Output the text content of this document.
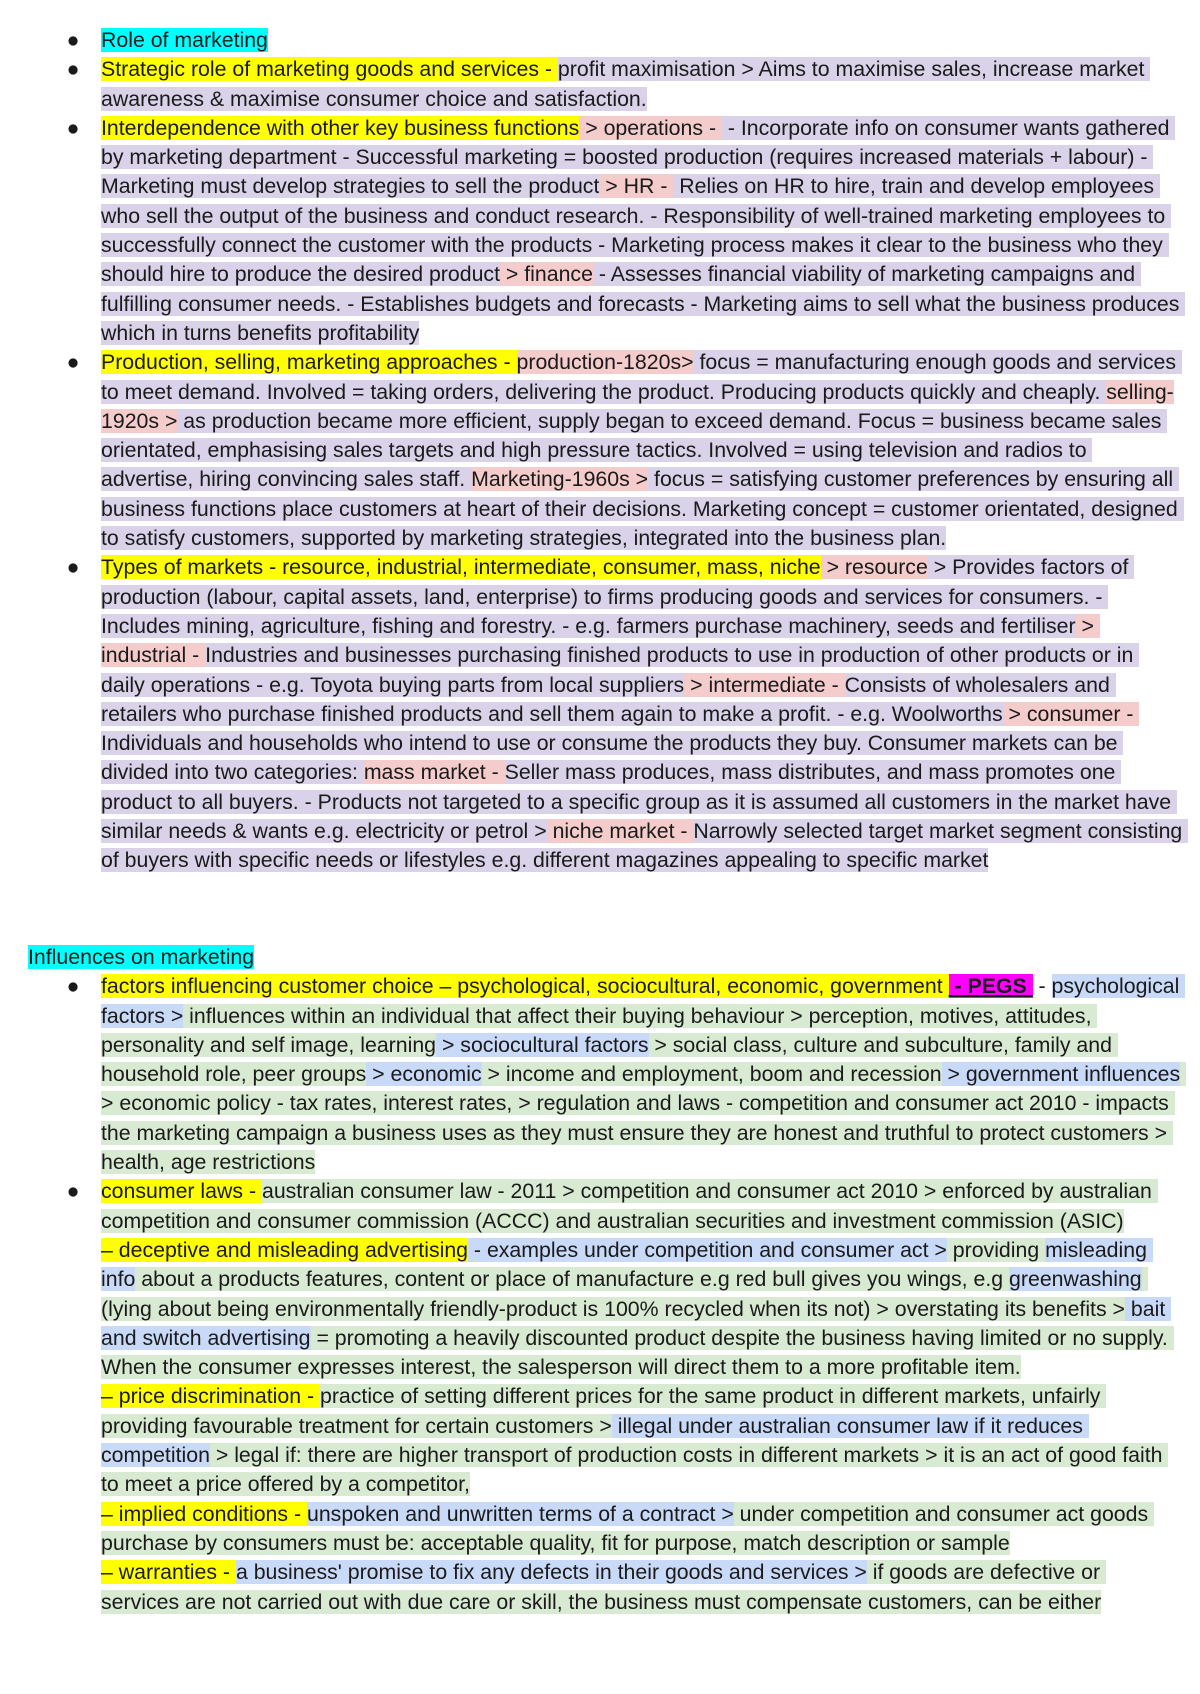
● Role of marketing
● Strategic role of marketing goods and services - profit maximisation > Aims to maximise sales, increase market awareness & maximise consumer choice and satisfaction.
● Interdependence with other key business functions > operations -  - Incorporate info on consumer wants gathered by marketing department - Successful marketing = boosted production (requires increased materials + labour) - Marketing must develop strategies to sell the product > HR -  Relies on HR to hire, train and develop employees who sell the output of the business and conduct research. - Responsibility of well-trained marketing employees to successfully connect the customer with the products - Marketing process makes it clear to the business who they should hire to produce the desired product > finance - Assesses financial viability of marketing campaigns and fulfilling consumer needs. - Establishes budgets and forecasts - Marketing aims to sell what the business produces which in turns benefits profitability
● Production, selling, marketing approaches - production-1820s> focus = manufacturing enough goods and services to meet demand. Involved = taking orders, delivering the product. Producing products quickly and cheaply. selling-1920s > as production became more efficient, supply began to exceed demand. Focus = business became sales orientated, emphasising sales targets and high pressure tactics. Involved = using television and radios to advertise, hiring convincing sales staff. Marketing-1960s > focus = satisfying customer preferences by ensuring all business functions place customers at heart of their decisions. Marketing concept = customer orientated, designed to satisfy customers, supported by marketing strategies, integrated into the business plan.
● Types of markets - resource, industrial, intermediate, consumer, mass, niche > resource > Provides factors of production (labour, capital assets, land, enterprise) to firms producing goods and services for consumers. - Includes mining, agriculture, fishing and forestry. - e.g. farmers purchase machinery, seeds and fertiliser > industrial - Industries and businesses purchasing finished products to use in production of other products or in daily operations - e.g. Toyota buying parts from local suppliers > intermediate - Consists of wholesalers and retailers who purchase finished products and sell them again to make a profit. - e.g. Woolworths > consumer - Individuals and households who intend to use or consume the products they buy. Consumer markets can be divided into two categories: mass market - Seller mass produces, mass distributes, and mass promotes one product to all buyers. - Products not targeted to a specific group as it is assumed all customers in the market have similar needs & wants e.g. electricity or petrol > niche market - Narrowly selected target market segment consisting of buyers with specific needs or lifestyles e.g. different magazines appealing to specific market
Influences on marketing
● factors influencing customer choice – psychological, sociocultural, economic, government  - PEGS  - psychological factors > influences within an individual that affect their buying behaviour > perception, motives, attitudes, personality and self image, learning > sociocultural factors > social class, culture and subculture, family and household role, peer groups > economic > income and employment, boom and recession > government influences > economic policy - tax rates, interest rates, > regulation and laws - competition and consumer act 2010 - impacts the marketing campaign a business uses as they must ensure they are honest and truthful to protect customers > health, age restrictions
● consumer laws - australian consumer law - 2011 > competition and consumer act 2010 > enforced by australian competition and consumer commission (ACCC) and australian securities and investment commission (ASIC)
– deceptive and misleading advertising - examples under competition and consumer act > providing misleading info about a products features, content or place of manufacture e.g red bull gives you wings, e.g greenwashing (lying about being environmentally friendly-product is 100% recycled when its not) > overstating its benefits > bait and switch advertising = promoting a heavily discounted product despite the business having limited or no supply. When the consumer expresses interest, the salesperson will direct them to a more profitable item.
– price discrimination - practice of setting different prices for the same product in different markets, unfairly providing favourable treatment for certain customers > illegal under australian consumer law if it reduces competition > legal if: there are higher transport of production costs in different markets > it is an act of good faith to meet a price offered by a competitor,
– implied conditions - unspoken and unwritten terms of a contract > under competition and consumer act goods purchase by consumers must be: acceptable quality, fit for purpose, match description or sample
– warranties - a business' promise to fix any defects in their goods and services > if goods are defective or services are not carried out with due care or skill, the business must compensate customers, can be either
